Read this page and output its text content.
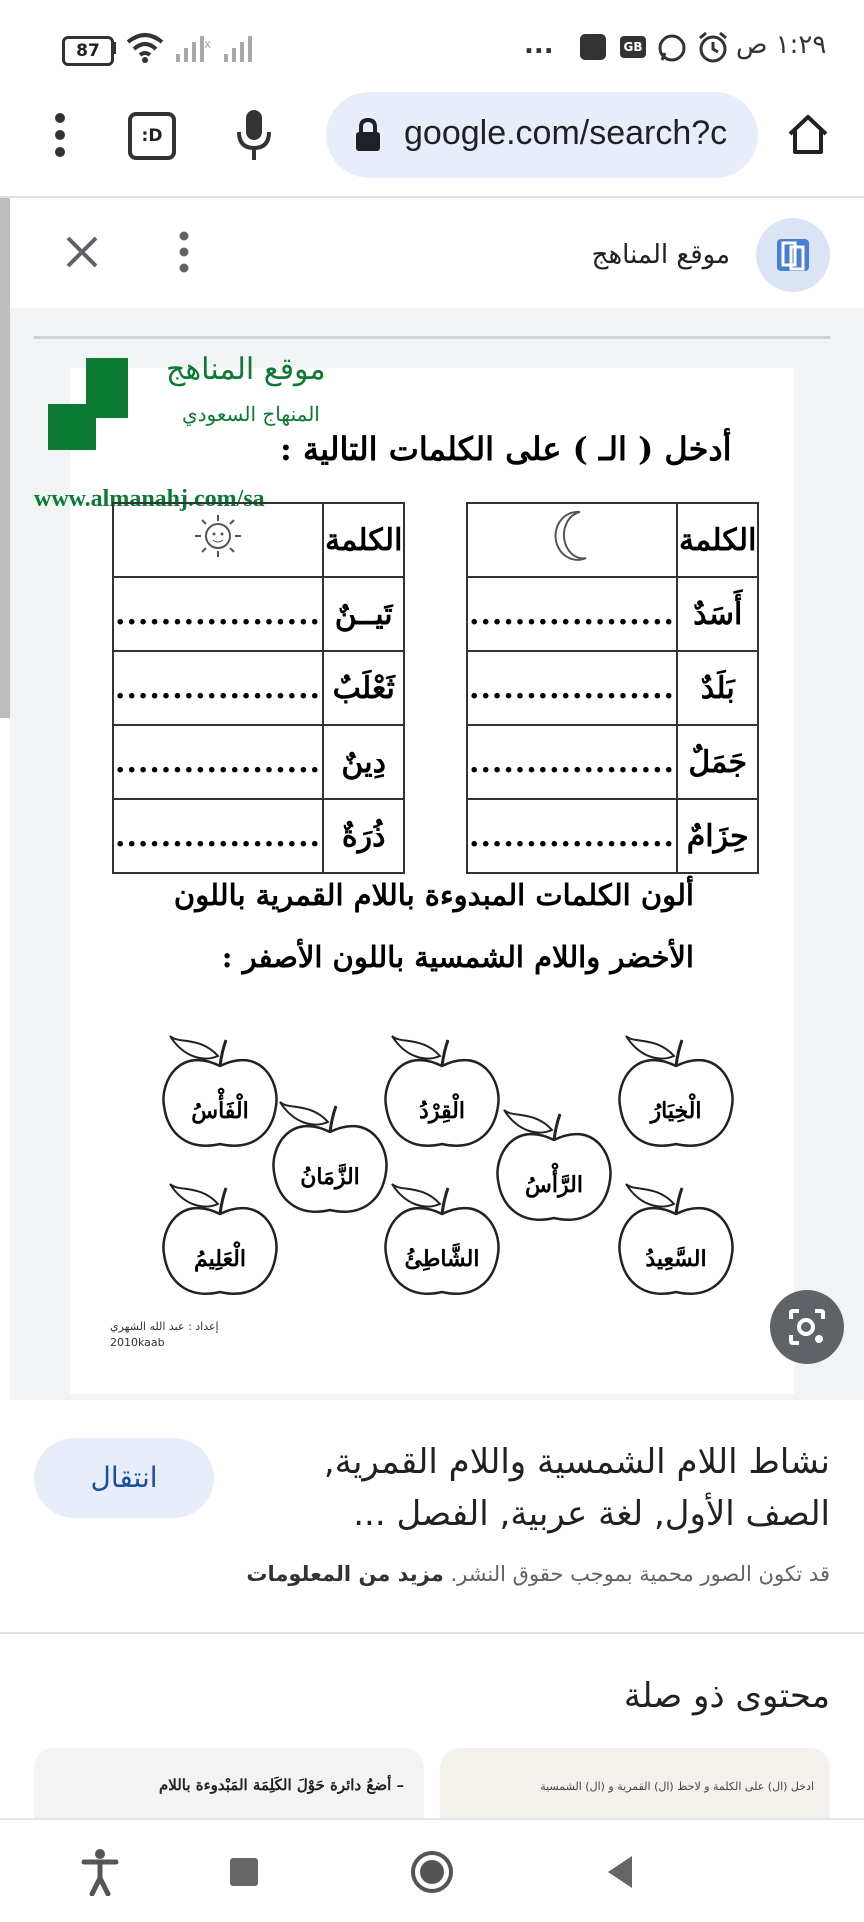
87	x	...	GB	١:٢٩ ص
:D	google.com/search?c
موقع المناهج
موقع المناهج
المنهاج السعودي
أدخل ( الـ ) على الكلمات التالية :
www.almanahj.com/sa
	الكلمة
..................	تَيــنٌ
..................	ثَعْلَبٌ
..................	دِينٌ
..................	ذُرَةٌ
	الكلمة
..................	أَسَدٌ
..................	بَلَدٌ
..................	جَمَلٌ
..................	حِزَامٌ
ألون الكلمات المبدوءة باللام القمرية باللون
الأخضر واللام الشمسية باللون الأصفر :
الْخِيَارُ
الْقِرْدُ
الْفَأْسُ
الرَّأْسُ
الزَّمَانُ
السَّعِيدُ
الشَّاطِئُ
الْعَلِيمُ
إعداد : عبد الله الشهري
2010kaab
نشاط اللام الشمسية واللام القمرية, الصف الأول, لغة عربية, الفصل ...
انتقال
قد تكون الصور محمية بموجب حقوق النشر. مزيد من المعلومات
محتوى ذو صلة
– أضعُ دائرة حَوْلَ الكَلِمَة المَبْدوءة باللام	ادخل (ال) على الكلمة و لاحظ (ال) القمرية و (ال) الشمسية
